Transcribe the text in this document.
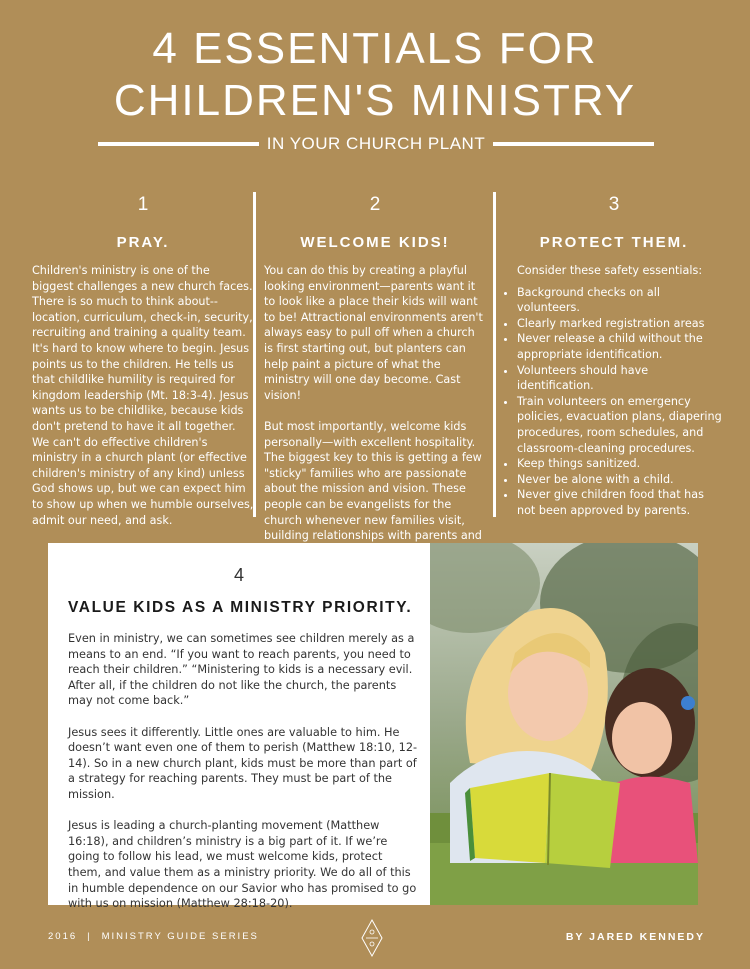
4 ESSENTIALS FOR
CHILDREN'S MINISTRY
IN YOUR CHURCH PLANT
1
PRAY.

Children's ministry is one of the biggest challenges a new church faces. There is so much to think about--location, curriculum, check-in, security, recruiting and training a quality team. It's hard to know where to begin. Jesus points us to the children. He tells us that childlike humility is required for kingdom leadership (Mt. 18:3-4). Jesus wants us to be childlike, because kids don't pretend to have it all together. We can't do effective children's ministry in a church plant (or effective children's ministry of any kind) unless God shows up, but we can expect him to show up when we humble ourselves, admit our need, and ask.

2
WELCOME KIDS!

You can do this by creating a playful looking environment—parents want it to look like a place their kids will want to be! Attractional environments aren't always easy to pull off when a church is first starting out, but planters can help paint a picture of what the ministry will one day become. Cast vision!

But most importantly, welcome kids personally—with excellent hospitality. The biggest key to this is getting a few "sticky" families who are passionate about the mission and vision. These people can be evangelists for the church whenever new families visit, building relationships with parents and

3
PROTECT THEM.
Consider these safety essentials:
• Background checks on all volunteers.
• Clearly marked registration areas
• Never release a child without the appropriate identification.
• Volunteers should have identification.
• Train volunteers on emergency policies, evacuation plans, diapering procedures, room schedules, and classroom-cleaning procedures.
• Keep things sanitized.
• Never be alone with a child.
• Never give children food that has not been approved by parents.
4
VALUE KIDS AS A MINISTRY PRIORITY.

Even in ministry, we can sometimes see children merely as a means to an end. “If you want to reach parents, you need to reach their children.” “Ministering to kids is a necessary evil. After all, if the children do not like the church, the parents may not come back.”

Jesus sees it differently. Little ones are valuable to him. He doesn’t want even one of them to perish (Matthew 18:10, 12-14). So in a new church plant, kids must be more than part of a strategy for reaching parents. They must be part of the mission.

Jesus is leading a church-planting movement (Matthew 16:18), and children’s ministry is a big part of it. If we’re going to follow his lead, we must welcome kids, protect them, and value them as a ministry priority. We do all of this in humble dependence on our Savior who has promised to go with us on mission (Matthew 28:18-20).

2016 | MINISTRY GUIDE SERIES	BY JARED KENNEDY
